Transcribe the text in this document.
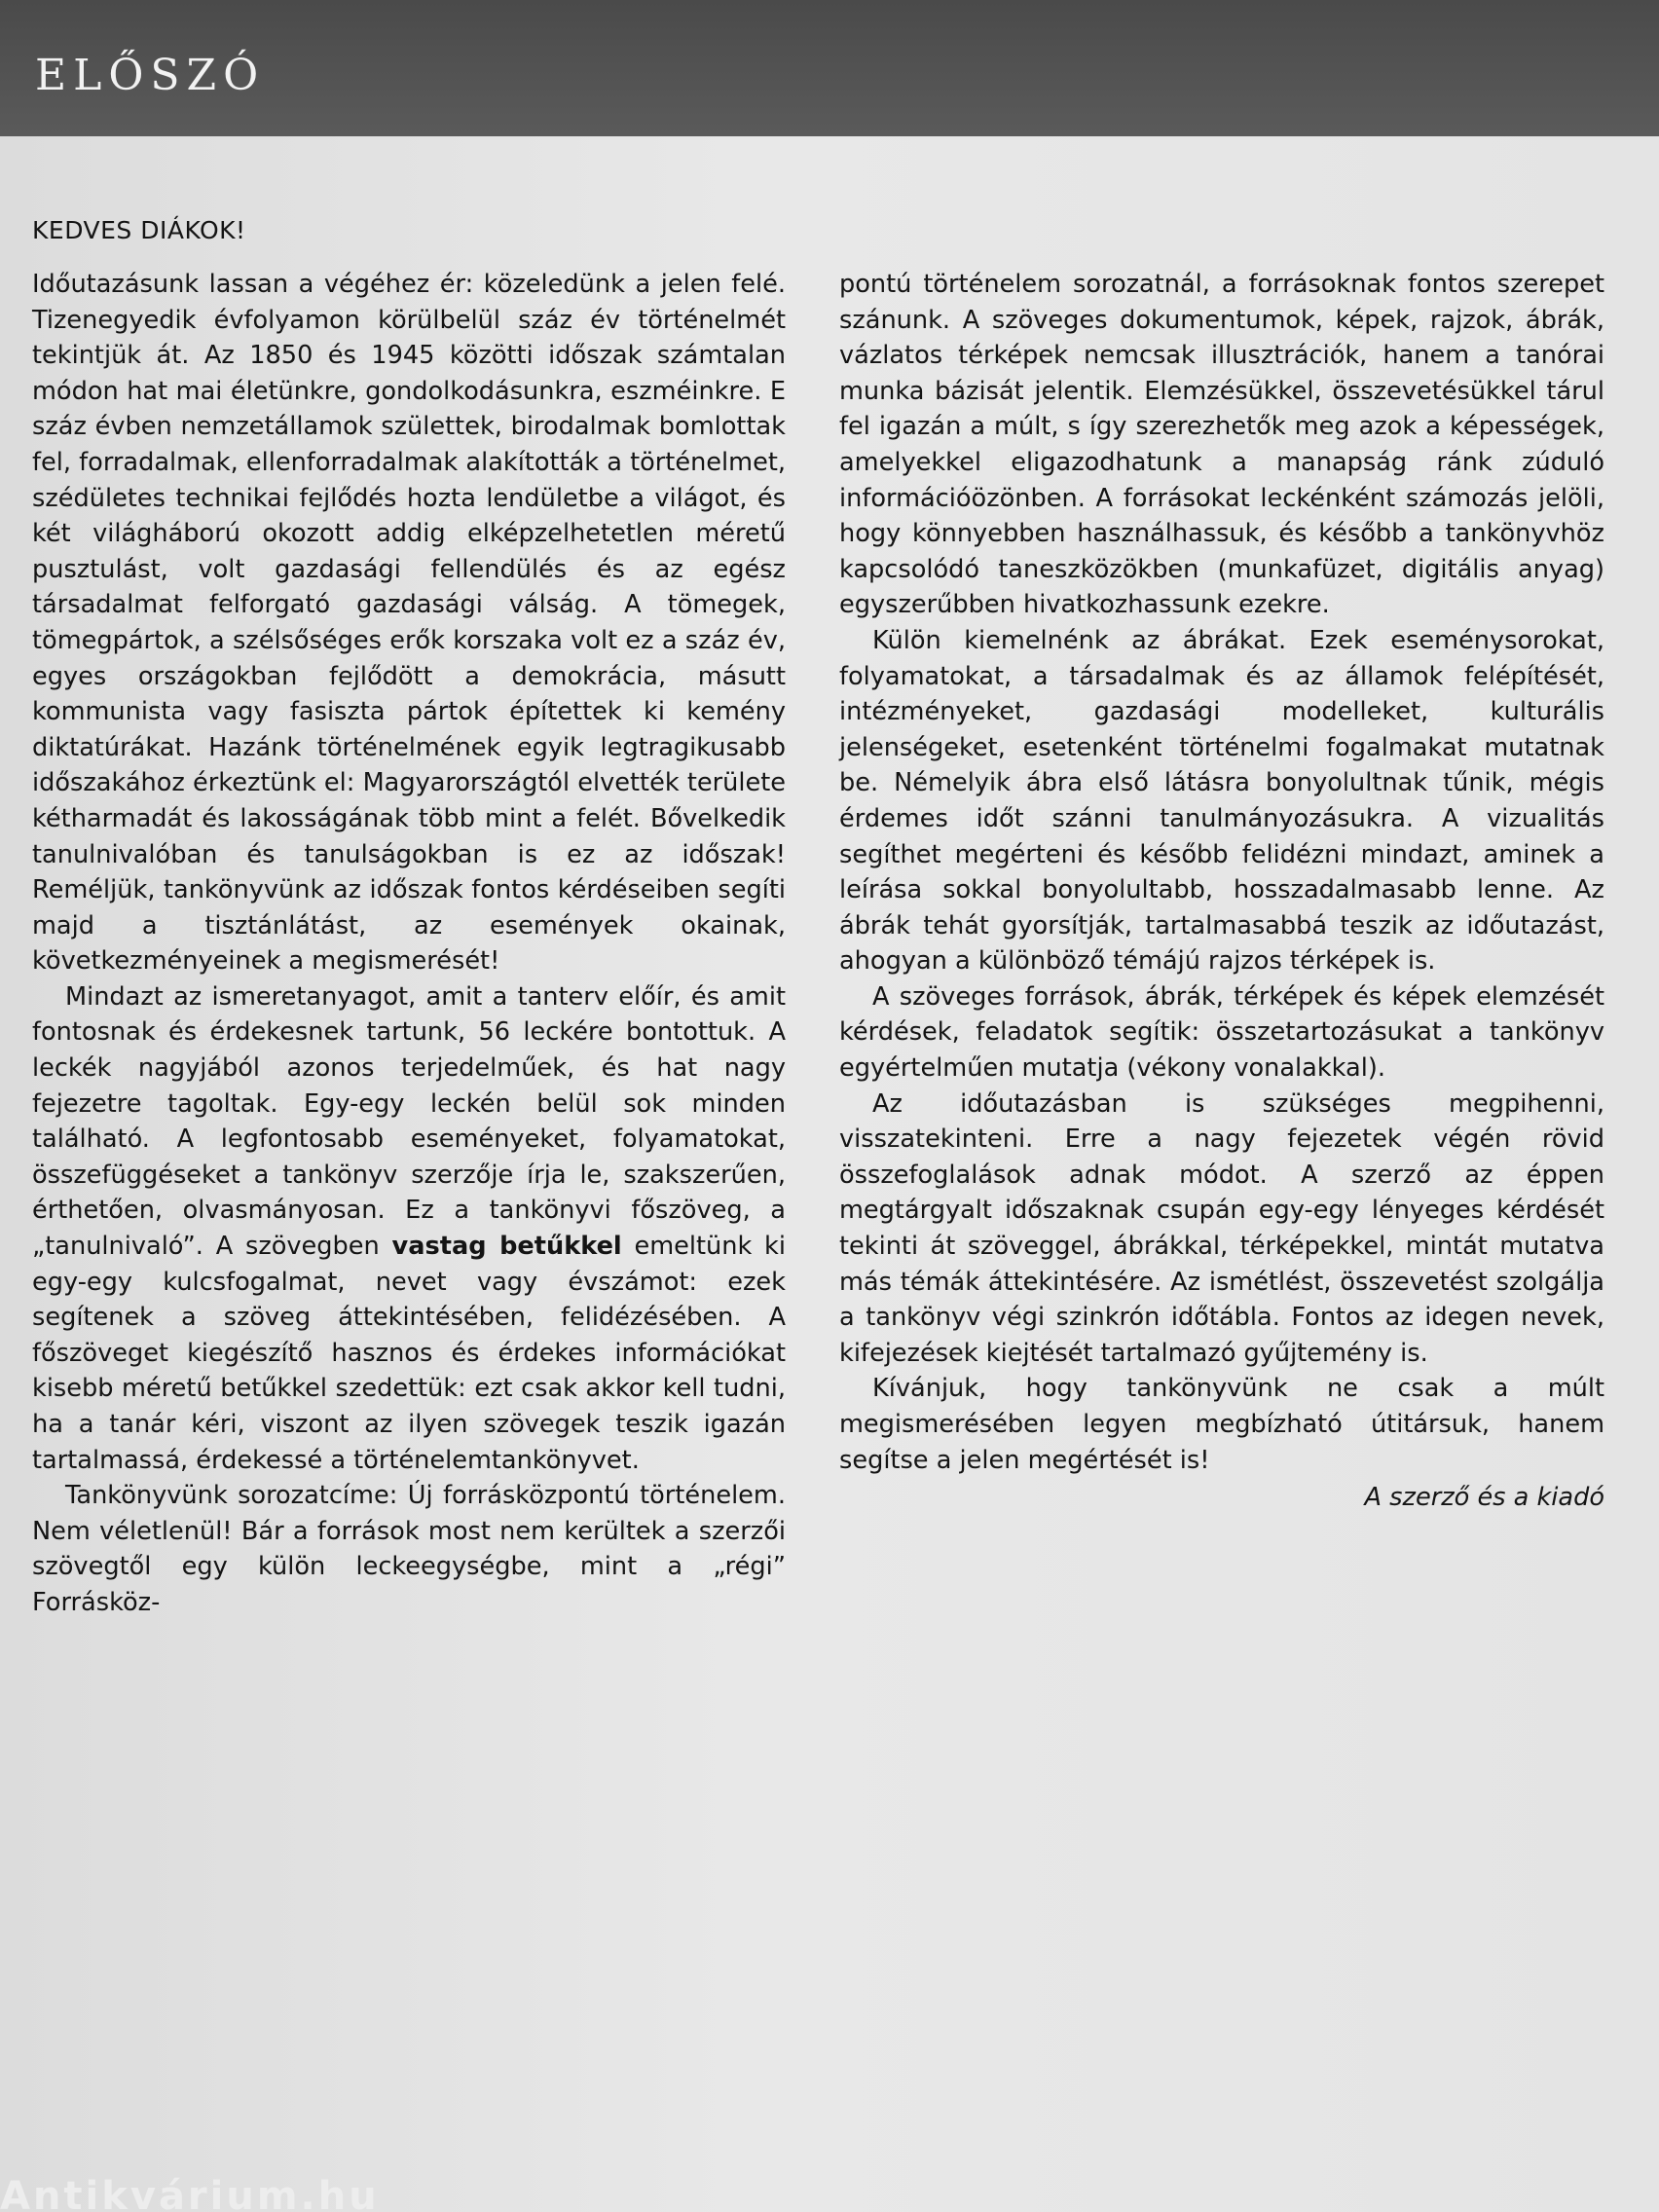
ELŐSZÓ
KEDVES DIÁKOK!

Időutazásunk lassan a végéhez ér: közeledünk a jelen felé. Tizenegyedik évfolyamon körülbelül száz év történelmét tekintjük át. Az 1850 és 1945 közötti időszak számtalan módon hat mai életünkre, gondolkodásunkra, eszméinkre. E száz évben nemzetállamok születtek, birodalmak bomlottak fel, forradalmak, ellenforradalmak alakították a történelmet, szédületes technikai fejlődés hozta lendületbe a világot, és két világháború okozott addig elképzelhetetlen méretű pusztulást, volt gazdasági fellendülés és az egész társadalmat felforgató gazdasági válság. A tömegek, tömegpártok, a szélsőséges erők korszaka volt ez a száz év, egyes országokban fejlődött a demokrácia, másutt kommunista vagy fasiszta pártok építettek ki kemény diktatúrákat. Hazánk történelmének egyik legtragikusabb időszakához érkeztünk el: Magyarországtól elvették területe kétharmadát és lakosságának több mint a felét. Bővelkedik tanulnivalóban és tanulságokban is ez az időszak! Reméljük, tankönyvünk az időszak fontos kérdéseiben segíti majd a tisztánlátást, az események okainak, következményeinek a megismerését!

Mindazt az ismeretanyagot, amit a tanterv előír, és amit fontosnak és érdekesnek tartunk, 56 leckére bontottuk. A leckék nagyjából azonos terjedelműek, és hat nagy fejezetre tagoltak. Egy-egy leckén belül sok minden található. A legfontosabb eseményeket, folyamatokat, összefüggéseket a tankönyv szerzője írja le, szakszerűen, érthetően, olvasmányosan. Ez a tankönyvi főszöveg, a „tanulnivaló”. A szövegben vastag betűkkel emeltünk ki egy-egy kulcsfogalmat, nevet vagy évszámot: ezek segítenek a szöveg áttekintésében, felidézésében. A főszöveget kiegészítő hasznos és érdekes információkat kisebb méretű betűkkel szedettük: ezt csak akkor kell tudni, ha a tanár kéri, viszont az ilyen szövegek teszik igazán tartalmassá, érdekessé a történelemtankönyvet.

Tankönyvünk sorozatcíme: Új forrásközpontú történelem. Nem véletlenül! Bár a források most nem kerültek a szerzői szövegtől egy külön leckeegységbe, mint a „régi” Forrásköz-

pontú történelem sorozatnál, a forrásoknak fontos szerepet szánunk. A szöveges dokumentumok, képek, rajzok, ábrák, vázlatos térképek nemcsak illusztrációk, hanem a tanórai munka bázisát jelentik. Elemzésükkel, összevetésükkel tárul fel igazán a múlt, s így szerezhetők meg azok a képességek, amelyekkel eligazodhatunk a manapság ránk zúduló információözönben. A forrásokat leckénként számozás jelöli, hogy könnyebben használhassuk, és később a tankönyvhöz kapcsolódó taneszközökben (munkafüzet, digitális anyag) egyszerűbben hivatkozhassunk ezekre.

Külön kiemelnénk az ábrákat. Ezek eseménysorokat, folyamatokat, a társadalmak és az államok felépítését, intézményeket, gazdasági modelleket, kulturális jelenségeket, esetenként történelmi fogalmakat mutatnak be. Némelyik ábra első látásra bonyolultnak tűnik, mégis érdemes időt szánni tanulmányozásukra. A vizualitás segíthet megérteni és később felidézni mindazt, aminek a leírása sokkal bonyolultabb, hosszadalmasabb lenne. Az ábrák tehát gyorsítják, tartalmasabbá teszik az időutazást, ahogyan a különböző témájú rajzos térképek is.

A szöveges források, ábrák, térképek és képek elemzését kérdések, feladatok segítik: összetartozásukat a tankönyv egyértelműen mutatja (vékony vonalakkal).

Az időutazásban is szükséges megpihenni, visszatekinteni. Erre a nagy fejezetek végén rövid összefoglalások adnak módot. A szerző az éppen megtárgyalt időszaknak csupán egy-egy lényeges kérdését tekinti át szöveggel, ábrákkal, térképekkel, mintát mutatva más témák áttekintésére. Az ismétlést, összevetést szolgálja a tankönyv végi szinkrón időtábla. Fontos az idegen nevek, kifejezések kiejtését tartalmazó gyűjtemény is.

Kívánjuk, hogy tankönyvünk ne csak a múlt megismerésében legyen megbízható útitársuk, hanem segítse a jelen megértését is!

A szerző és a kiadó

Antikvárium.hu
